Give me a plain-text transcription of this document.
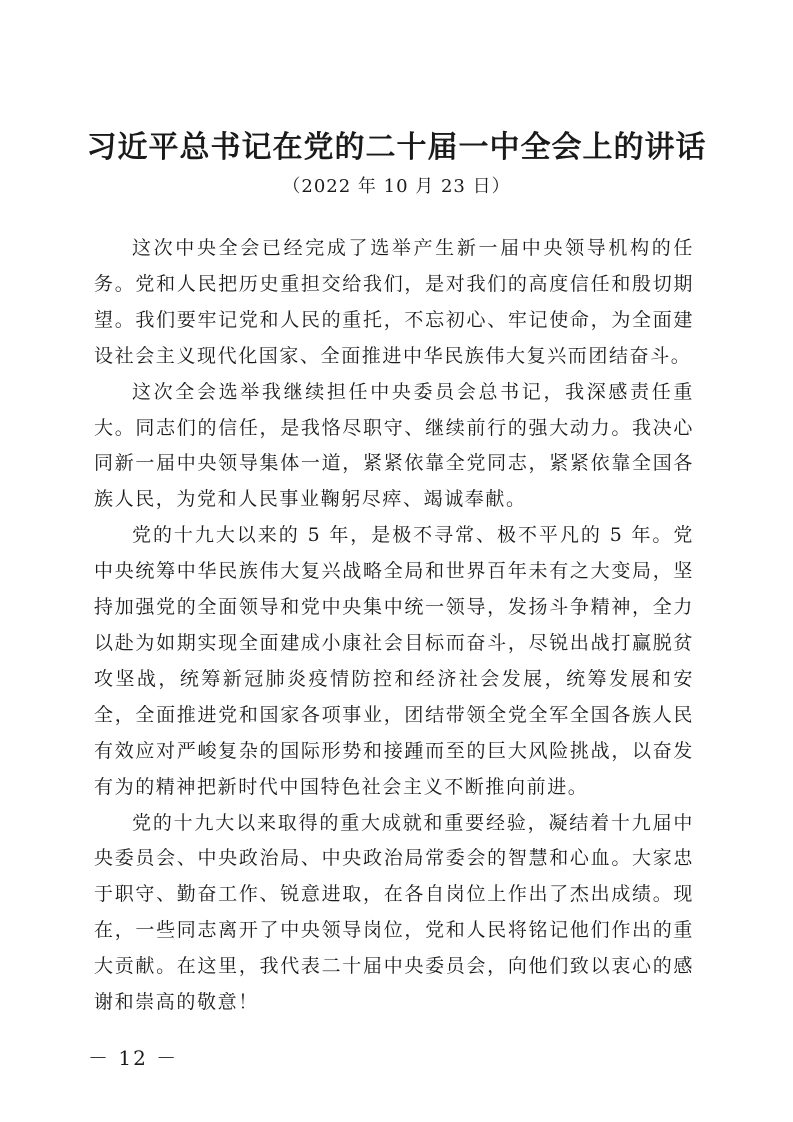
习近平总书记在党的二十届一中全会上的讲话

（2022 年 10 月 23 日）

这次中央全会已经完成了选举产生新一届中央领导机构的任务。党和人民把历史重担交给我们，是对我们的高度信任和殷切期望。我们要牢记党和人民的重托，不忘初心、牢记使命，为全面建设社会主义现代化国家、全面推进中华民族伟大复兴而团结奋斗。

这次全会选举我继续担任中央委员会总书记，我深感责任重大。同志们的信任，是我恪尽职守、继续前行的强大动力。我决心同新一届中央领导集体一道，紧紧依靠全党同志，紧紧依靠全国各族人民，为党和人民事业鞠躬尽瘁、竭诚奉献。

党的十九大以来的 5 年，是极不寻常、极不平凡的 5 年。党中央统筹中华民族伟大复兴战略全局和世界百年未有之大变局，坚持加强党的全面领导和党中央集中统一领导，发扬斗争精神，全力以赴为如期实现全面建成小康社会目标而奋斗，尽锐出战打赢脱贫攻坚战，统筹新冠肺炎疫情防控和经济社会发展，统筹发展和安全，全面推进党和国家各项事业，团结带领全党全军全国各族人民有效应对严峻复杂的国际形势和接踵而至的巨大风险挑战，以奋发有为的精神把新时代中国特色社会主义不断推向前进。

党的十九大以来取得的重大成就和重要经验，凝结着十九届中央委员会、中央政治局、中央政治局常委会的智慧和心血。大家忠于职守、勤奋工作、锐意进取，在各自岗位上作出了杰出成绩。现在，一些同志离开了中央领导岗位，党和人民将铭记他们作出的重大贡献。在这里，我代表二十届中央委员会，向他们致以衷心的感谢和崇高的敬意！

－ 12 －
